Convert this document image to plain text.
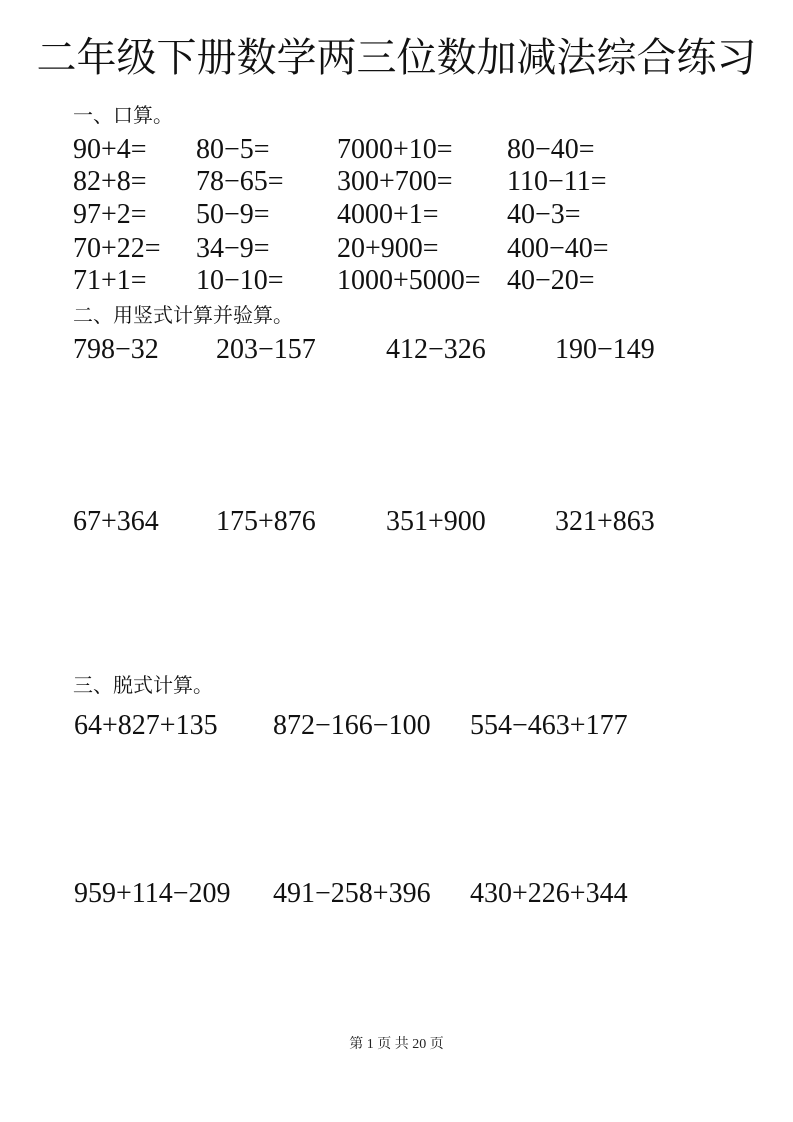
二年级下册数学两三位数加减法综合练习
一、口算。
90+4=	80−5=	7000+10=	80−40=
82+8=	78−65=	300+700=	110−11=
97+2=	50−9=	4000+1=	40−3=
70+22=	34−9=	20+900=	400−40=
71+1=	10−10=	1000+5000= 40−20=
二、用竖式计算并验算。
798−32	203−157	412−326	190−149
67+364	175+876	351+900	321+863
三、脱式计算。
64+827+135	872−166−100	554−463+177
959+114−209	491−258+396	430+226+344
第 1 页 共 20 页
